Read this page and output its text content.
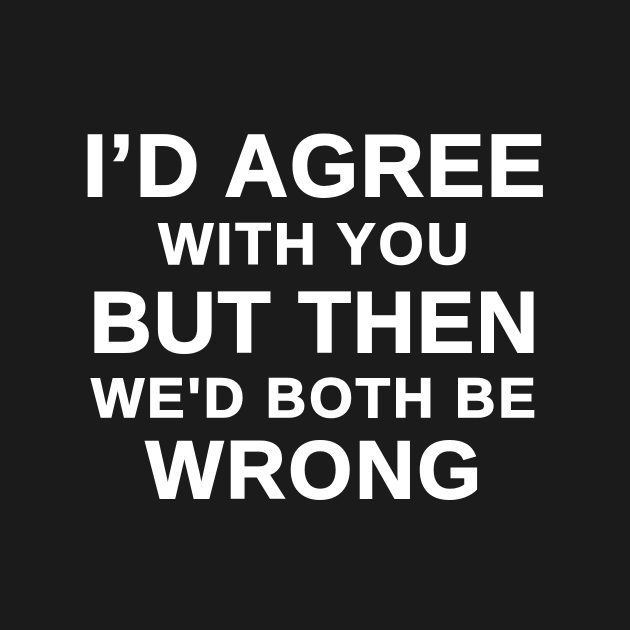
I’D AGREE
WITH YOU
BUT THEN
WE'D BOTH BE
WRONG
